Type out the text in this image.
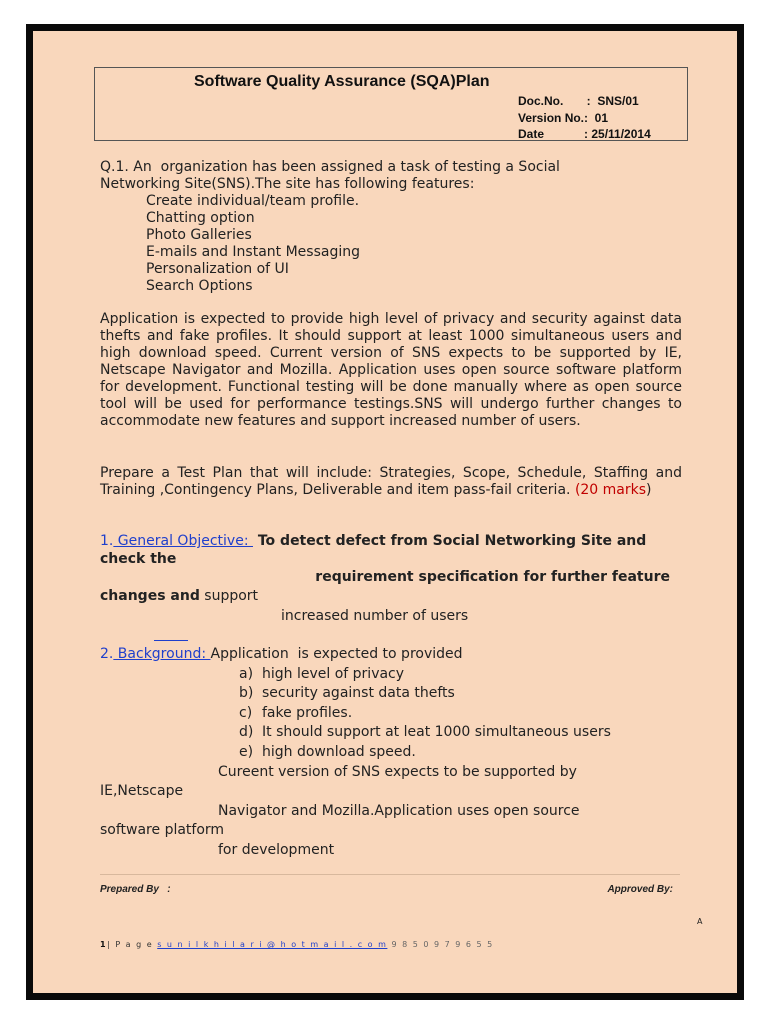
Software Quality Assurance (SQA)Plan
Doc.No.       :  SNS/01
Version No.:  01
Date            : 25/11/2014
Q.1. An  organization has been assigned a task of testing a Social
Networking Site(SNS).The site has following features:
Create individual/team profile.
Chatting option
Photo Galleries
E-mails and Instant Messaging
Personalization of UI
Search Options
Application is expected to provide high level of privacy and security against data thefts and fake profiles. It should support at least 1000 simultaneous users and high download speed. Current version of SNS expects to be supported by IE, Netscape Navigator and Mozilla. Application uses open source software platform for development. Functional testing will be done manually where as open source tool will be used for performance testings.SNS will undergo further changes to accommodate new features and support increased number of users.
Prepare a Test Plan that will include: Strategies, Scope, Schedule, Staffing and Training ,Contingency Plans, Deliverable and item pass-fail criteria. (20 marks)
1. General Objective:  To detect defect from Social Networking Site and
check the
requirement specification for further feature
changes and support
increased number of users
2. Background: Application  is expected to provided
a) high level of privacy
b) security against data thefts
c) fake profiles.
d) It should support at leat 1000 simultaneous users
e) high download speed.
Cureent version of SNS expects to be supported by
IE,Netscape
Navigator and Mozilla.Application uses open source
software platform
for development
Prepared By   :	Approved By:
A
1| P a g e s u n i l k h i l a r i @ h o t m a i l . c o m 9 8 5 0 9 7 9 6 5 5
